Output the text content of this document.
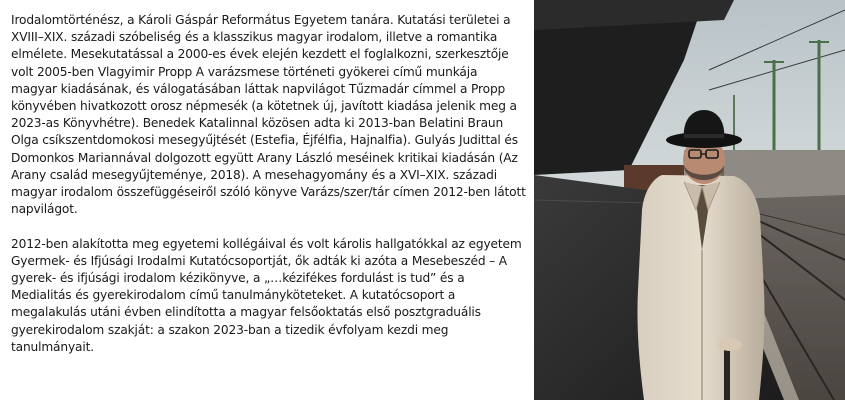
Irodalomtörténész, a Károli Gáspár Református Egyetem tanára. Kutatási területei a XVIII–XIX. századi szóbeliség és a klasszikus magyar irodalom, illetve a romantika elmélete. Mesekutatással a 2000-es évek elején kezdett el foglalkozni, szerkesztője volt 2005-ben Vlagyimir Propp A varázsmese történeti gyökerei című munkája magyar kiadásának, és válogatásában láttak napvilágot Tűzmadár címmel a Propp könyvében hivatkozott orosz népmesék (a kötetnek új, javított kiadása jelenik meg a 2023-as Könyvhétre). Benedek Katalinnal közösen adta ki 2013-ban Belatini Braun Olga csíkszentdomokosi mesegyűjtését (Estefia, Éjfélfia, Hajnalfia). Gulyás Judittal és Domonkos Mariannával dolgozott együtt Arany László meséinek kritikai kiadásán (Az Arany család mesegyűjteménye, 2018). A mesehagyomány és a XVI–XIX. századi magyar irodalom összefüggéseiről szóló könyve Varázs/szer/tár címen 2012-ben látott napvilágot.

2012-ben alakította meg egyetemi kollégáival és volt károlis hallgatókkal az egyetem Gyermek- és Ifjúsági Irodalmi Kutatócsoportját, ők adták ki azóta a Mesebeszéd – A gyerek- és ifjúsági irodalom kézikönyve, a „…kézifékes fordulást is tud” és a Medialitás és gyerekirodalom című tanulmányköteteket. A kutatócsoport a megalakulás utáni évben elindította a magyar felsőoktatás első posztgraduális gyerekirodalom szakját: a szakon 2023-ban a tizedik évfolyam kezdi meg tanulmányait.
